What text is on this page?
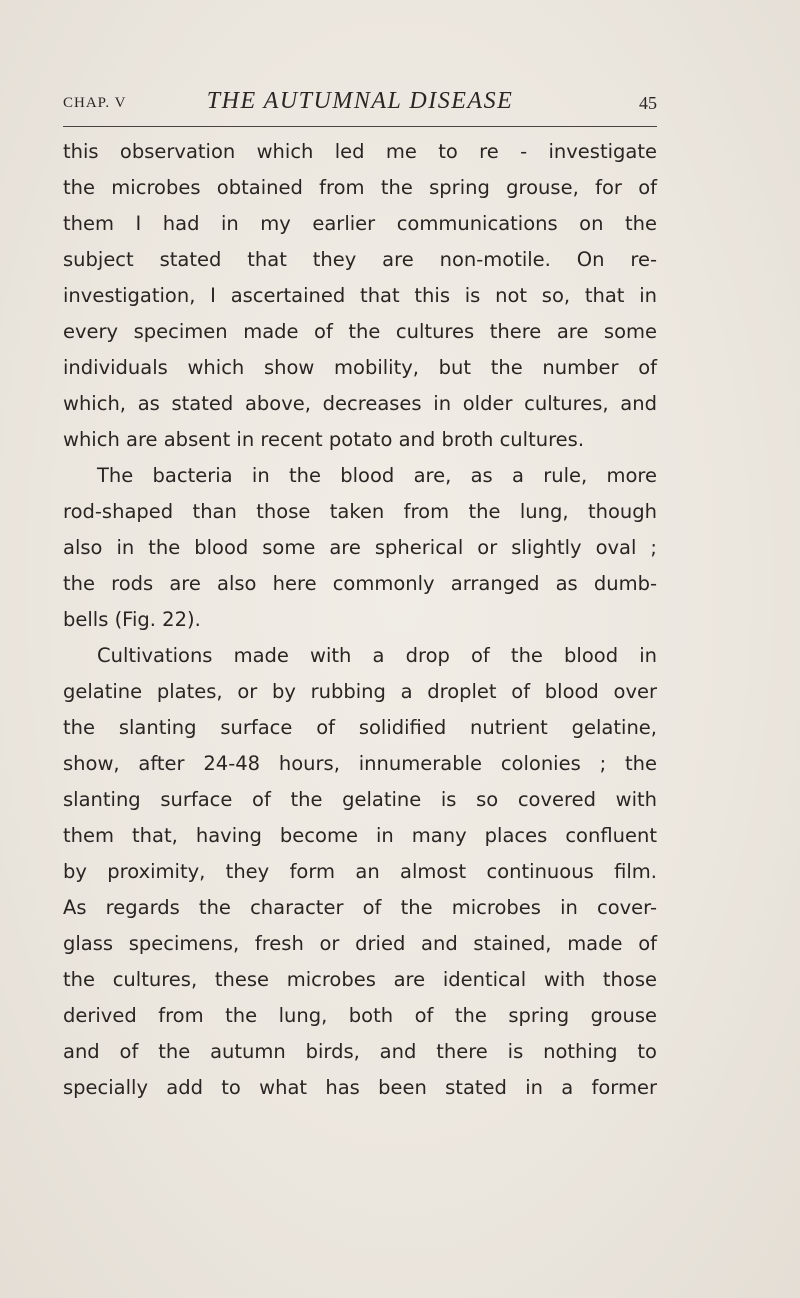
CHAP. V	THE AUTUMNAL DISEASE	45
this observation which led me to re - investigate
the microbes obtained from the spring grouse, for of
them I had in my earlier communications on the
subject stated that they are non-motile. On re-
investigation, I ascertained that this is not so, that in
every specimen made of the cultures there are some
individuals which show mobility, but the number of
which, as stated above, decreases in older cultures, and
which are absent in recent potato and broth cultures.
The bacteria in the blood are, as a rule, more
rod-shaped than those taken from the lung, though
also in the blood some are spherical or slightly oval ;
the rods are also here commonly arranged as dumb-
bells (Fig. 22).
Cultivations made with a drop of the blood in
gelatine plates, or by rubbing a droplet of blood over
the slanting surface of solidified nutrient gelatine,
show, after 24-48 hours, innumerable colonies ; the
slanting surface of the gelatine is so covered with
them that, having become in many places confluent
by proximity, they form an almost continuous film.
As regards the character of the microbes in cover-
glass specimens, fresh or dried and stained, made of
the cultures, these microbes are identical with those
derived from the lung, both of the spring grouse
and of the autumn birds, and there is nothing to
specially add to what has been stated in a former
